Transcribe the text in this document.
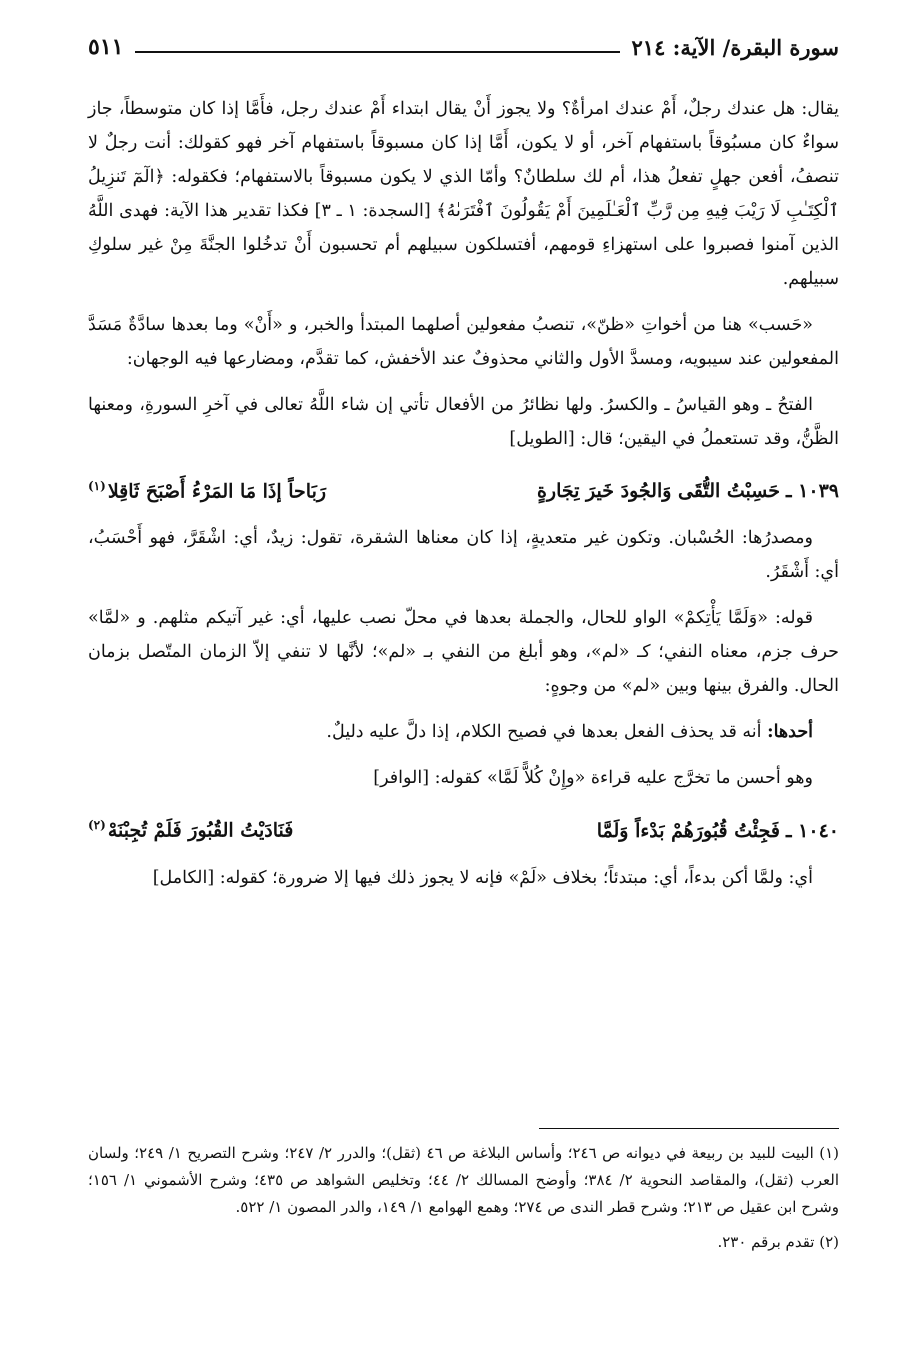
سورة البقرة/ الآية: ٢١٤
٥١١

يقال: هل عندك رجلٌ، أَمْ عندك امرأةٌ؟ ولا يجوز أَنْ يقال ابتداء أَمْ عندك رجل، فأَمَّا إذا كان متوسطاً، جاز سواءٌ كان مسبُوقاً باستفهام آخر، أو لا يكون، أَمَّا إذا كان مسبوقاً باستفهام آخر فهو كقولك: أنت رجلٌ لا تنصفُ، أفعن جهلٍ تفعلُ هذا، أم لك سلطانٌ؟ وأمّا الذي لا يكون مسبوقاً بالاستفهام؛ فكقوله: ﴿الٓمٓ تَنزِيلُ ٱلْكِتَـٰبِ لَا رَيْبَ فِيهِ مِن رَّبِّ ٱلْعَـٰلَمِينَ أَمْ يَقُولُونَ ٱفْتَرَىٰهُ﴾ [السجدة: ١ ـ ٣] فكذا تقدير هذا الآية: فهدى اللَّهُ الذين آمنوا فصبروا على استهزاءِ قومهم، أفتسلكون سبيلهم أم تحسبون أَنْ تدخُلوا الجنَّةَ مِنْ غير سلوكِ سبيلهم.

«حَسب» هنا من أخواتِ «ظنّ»، تنصبُ مفعولين أصلهما المبتدأ والخبر، و «أَنْ» وما بعدها سادَّةٌ مَسَدَّ المفعولين عند سيبويه، ومسدَّ الأول والثاني محذوفٌ عند الأخفش، كما تقدَّم، ومضارعها فيه الوجهان:

الفتحُ ـ وهو القياسُ ـ والكسرُ. ولها نظائرُ من الأفعال تأتي إن شاء اللَّهُ تعالى في آخرِ السورةِ، ومعنها الظَّنُّ، وقد تستعملُ في اليقين؛ قال: [الطويل]

١٠٣٩ ـ
حَسِبْتُ التُّقَى وَالجُودَ خَيرَ تِجَارةٍ
رَبَاحاً إذَا مَا المَرْءُ أَصْبَحَ ثَاقِلا$^{(١)}$

ومصدرُها: الحُسْبان. وتكون غير متعديةٍ، إذا كان معناها الشقرة، تقول: زيدٌ، أي: اشْقَرَّ، فهو أَحْسَبُ، أي: أَشْقَرُ.

قوله: «وَلَمَّا يَأْتِكمْ» الواو للحال، والجملة بعدها في محلّ نصب عليها، أي: غير آتيكم مثلهم. و «لمَّا» حرف جزم، معناه النفي؛ كـ «لم»، وهو أبلغ من النفي بـ «لم»؛ لأنَّها لا تنفي إلاّ الزمان المتّصل بزمان الحال. والفرق بينها وبين «لم» من وجوهٍ:

أحدها: أنه قد يحذف الفعل بعدها في فصيح الكلام، إذا دلَّ عليه دليلٌ.

وهو أحسن ما تخرَّج عليه قراءة «وإِنْ كُلاًّ لَمَّا» كقوله: [الوافر]

١٠٤٠ ـ
فَجِئْتُ قُبُورَهُمْ بَدْءاً وَلَمَّا
فَنَادَيْتُ القُبُورَ فَلَمْ تُجِبْنَهْ$^{(٢)}$

أي: ولمَّا أكن بدءاً، أي: مبتدئاً؛ بخلاف «لَمْ» فإنه لا يجوز ذلك فيها إلا ضرورة؛ كقوله: [الكامل]

(١) البيت للبيد بن ربيعة في ديوانه ص ٢٤٦؛ وأساس البلاغة ص ٤٦ (ثقل)؛ والدرر ٢/ ٢٤٧؛ وشرح التصريح ١/ ٢٤٩؛ ولسان العرب (ثقل)، والمقاصد النحوية ٢/ ٣٨٤؛ وأوضح المسالك ٢/ ٤٤؛ وتخليص الشواهد ص ٤٣٥؛ وشرح الأشموني ١/ ١٥٦؛ وشرح ابن عقيل ص ٢١٣؛ وشرح قطر الندى ص ٢٧٤؛ وهمع الهوامع ١/ ١٤٩، والدر المصون ١/ ٥٢٢.

(٢) تقدم برقم ٢٣٠.
